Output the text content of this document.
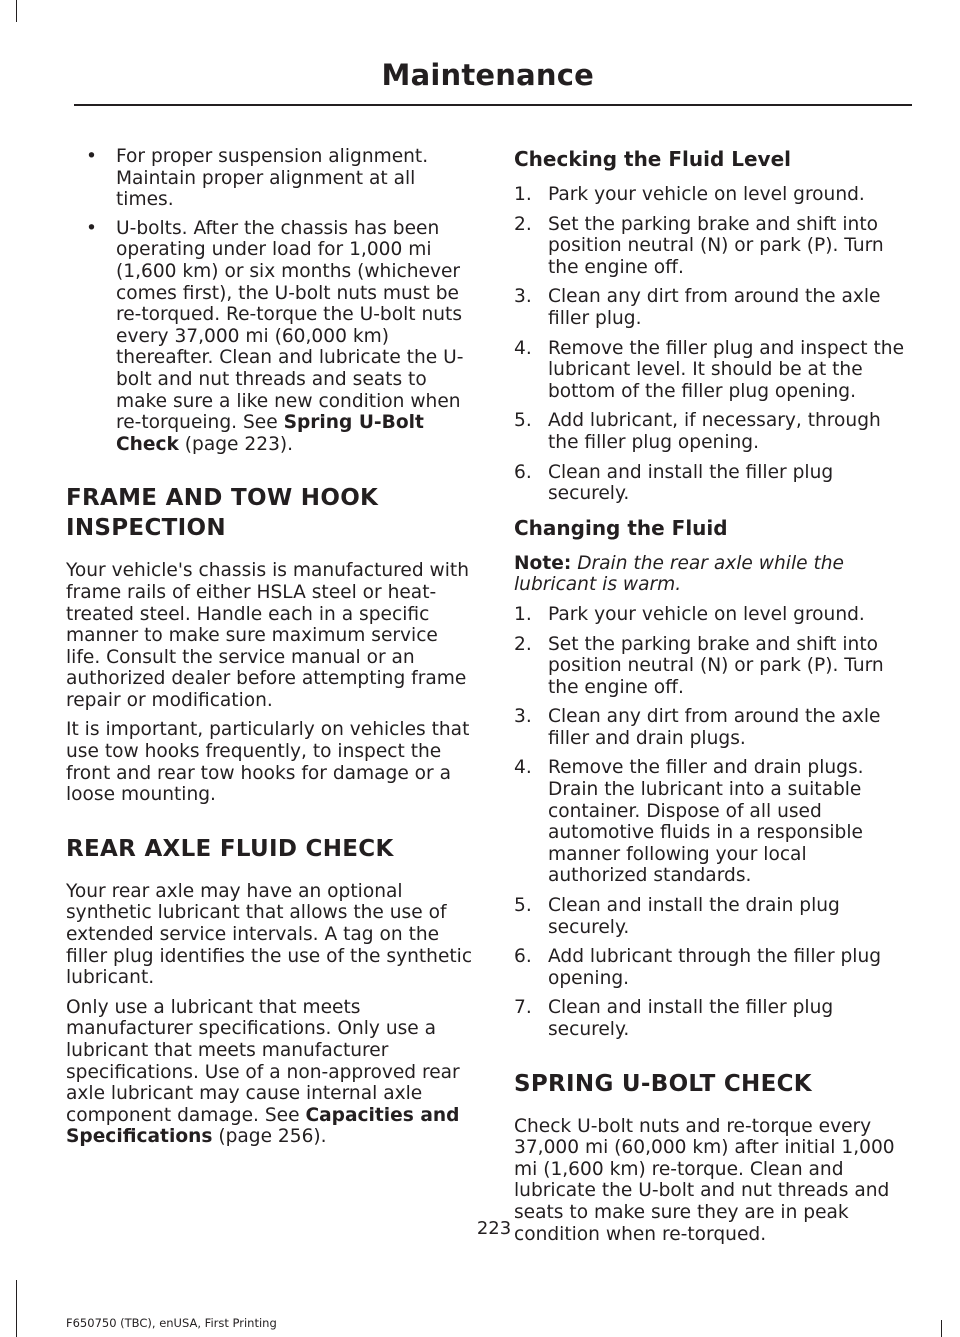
Maintenance
• For proper suspension alignment. Maintain proper alignment at all times.
• U-bolts. After the chassis has been operating under load for 1,000 mi (1,600 km) or six months (whichever comes first), the U-bolt nuts must be re-torqued. Re-torque the U-bolt nuts every 37,000 mi (60,000 km) thereafter. Clean and lubricate the U-bolt and nut threads and seats to make sure a like new condition when re-torqueing. See Spring U-Bolt Check (page 223).
FRAME AND TOW HOOK INSPECTION

Your vehicle's chassis is manufactured with frame rails of either HSLA steel or heat-treated steel. Handle each in a specific manner to make sure maximum service life. Consult the service manual or an authorized dealer before attempting frame repair or modification.

It is important, particularly on vehicles that use tow hooks frequently, to inspect the front and rear tow hooks for damage or a loose mounting.

REAR AXLE FLUID CHECK

Your rear axle may have an optional synthetic lubricant that allows the use of extended service intervals. A tag on the filler plug identifies the use of the synthetic lubricant.

Only use a lubricant that meets manufacturer specifications. Only use a lubricant that meets manufacturer specifications. Use of a non-approved rear axle lubricant may cause internal axle component damage. See Capacities and Specifications (page 256).

Checking the Fluid Level
1. Park your vehicle on level ground.
2. Set the parking brake and shift into position neutral (N) or park (P). Turn the engine off.
3. Clean any dirt from around the axle filler plug.
4. Remove the filler plug and inspect the lubricant level. It should be at the bottom of the filler plug opening.
5. Add lubricant, if necessary, through the filler plug opening.
6. Clean and install the filler plug securely.
Changing the Fluid

Note: Drain the rear axle while the lubricant is warm.

1. Park your vehicle on level ground.
2. Set the parking brake and shift into position neutral (N) or park (P). Turn the engine off.
3. Clean any dirt from around the axle filler and drain plugs.
4. Remove the filler and drain plugs. Drain the lubricant into a suitable container. Dispose of all used automotive fluids in a responsible manner following your local authorized standards.
5. Clean and install the drain plug securely.
6. Add lubricant through the filler plug opening.
7. Clean and install the filler plug securely.
SPRING U-BOLT CHECK

Check U-bolt nuts and re-torque every 37,000 mi (60,000 km) after initial 1,000 mi (1,600 km) re-torque. Clean and lubricate the U-bolt and nut threads and seats to make sure they are in peak condition when re-torqued.

223
F650750 (TBC), enUSA, First Printing
